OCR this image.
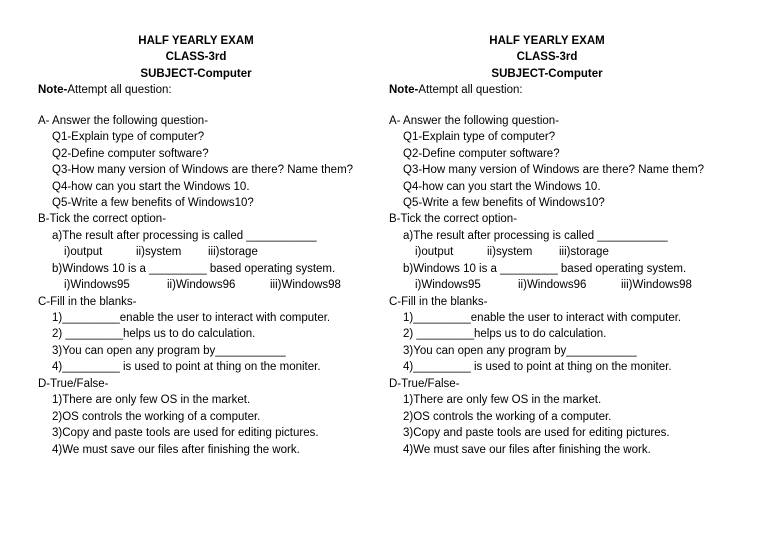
HALF YEARLY EXAM
CLASS-3rd
SUBJECT-Computer
Note-Attempt all question:
A- Answer the following question-
Q1-Explain type of computer?
Q2-Define computer software?
Q3-How many version of Windows are there? Name them?
Q4-how can you start the Windows 10.
Q5-Write a few benefits of Windows10?
B-Tick the correct option-
a)The result after processing is called ___________
i)output	ii)system iii)storage
b)Windows 10 is a _________ based operating system.
i)Windows95	ii)Windows96	iii)Windows98
C-Fill in the blanks-
1)_________enable the user to interact with computer.
2) _________helps us to do calculation.
3)You can open any program by___________
4)_________ is used to point at thing on the moniter.
D-True/False-
1)There are only few OS in the market.
2)OS controls the working of a computer.
3)Copy and paste tools are used for editing pictures.
4)We must save our files after finishing the work.
HALF YEARLY EXAM
CLASS-3rd
SUBJECT-Computer
Note-Attempt all question:
A- Answer the following question-
Q1-Explain type of computer?
Q2-Define computer software?
Q3-How many version of Windows are there? Name them?
Q4-how can you start the Windows 10.
Q5-Write a few benefits of Windows10?
B-Tick the correct option-
a)The result after processing is called ___________
i)output	ii)system iii)storage
b)Windows 10 is a _________ based operating system.
i)Windows95	ii)Windows96	iii)Windows98
C-Fill in the blanks-
1)_________enable the user to interact with computer.
2) _________helps us to do calculation.
3)You can open any program by___________
4)_________ is used to point at thing on the moniter.
D-True/False-
1)There are only few OS in the market.
2)OS controls the working of a computer.
3)Copy and paste tools are used for editing pictures.
4)We must save our files after finishing the work.
